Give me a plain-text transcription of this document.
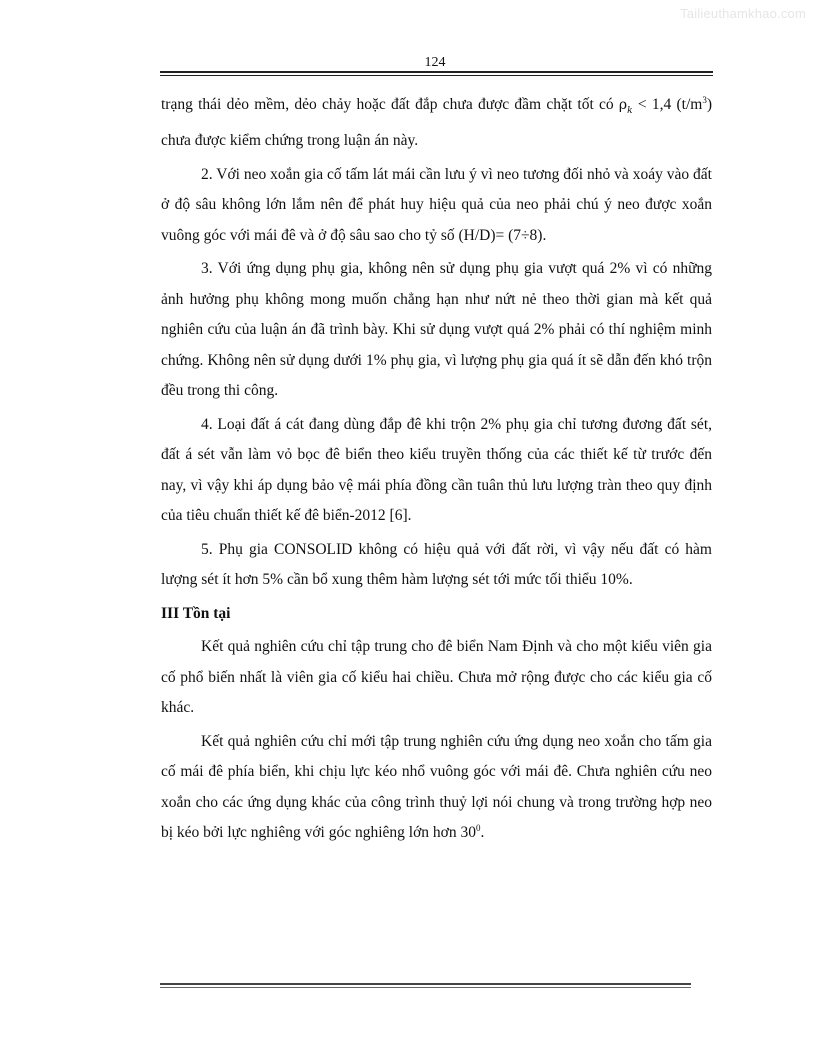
Tailieuthamkhao.com
124

trạng thái dẻo mềm, dẻo chảy hoặc đất đắp chưa được đầm chặt tốt có $\rho_k < 1,4$ $(t/m^3)$ chưa được kiểm chứng trong luận án này.

2. Với neo xoắn gia cố tấm lát mái cần lưu ý vì neo tương đối nhỏ và xoáy vào đất ở độ sâu không lớn lắm nên để phát huy hiệu quả của neo phải chú ý neo được xoắn vuông góc với mái đê và ở độ sâu sao cho tỷ số (H/D)= (7÷8).

3. Với ứng dụng phụ gia, không nên sử dụng phụ gia vượt quá 2% vì có những ảnh hưởng phụ không mong muốn chẳng hạn như nứt nẻ theo thời gian mà kết quả nghiên cứu của luận án đã trình bày. Khi sử dụng vượt quá 2% phải có thí nghiệm minh chứng. Không nên sử dụng dưới 1% phụ gia, vì lượng phụ gia quá ít sẽ dẫn đến khó trộn đều trong thi công.

4. Loại đất á cát đang dùng đắp đê khi trộn 2% phụ gia chỉ tương đương đất sét, đất á sét vẫn làm vỏ bọc đê biển theo kiểu truyền thống của các thiết kế từ trước đến nay, vì vậy khi áp dụng bảo vệ mái phía đồng cần tuân thủ lưu lượng tràn theo quy định của tiêu chuẩn thiết kế đê biển-2012 [6].

5. Phụ gia CONSOLID không có hiệu quả với đất rời, vì vậy nếu đất có hàm lượng sét ít hơn 5% cần bổ xung thêm hàm lượng sét tới mức tối thiểu 10%.

III Tồn tại

Kết quả nghiên cứu chỉ tập trung cho đê biển Nam Định và cho một kiểu viên gia cố phổ biến nhất là viên gia cố kiểu hai chiều. Chưa mở rộng được cho các kiểu gia cố khác.

Kết quả nghiên cứu chỉ mới tập trung nghiên cứu ứng dụng neo xoắn cho tấm gia cố mái đê phía biển, khi chịu lực kéo nhổ vuông góc với mái đê. Chưa nghiên cứu neo xoắn cho các ứng dụng khác của công trình thuỷ lợi nói chung và trong trường hợp neo bị kéo bởi lực nghiêng với góc nghiêng lớn hơn $30^0$.
